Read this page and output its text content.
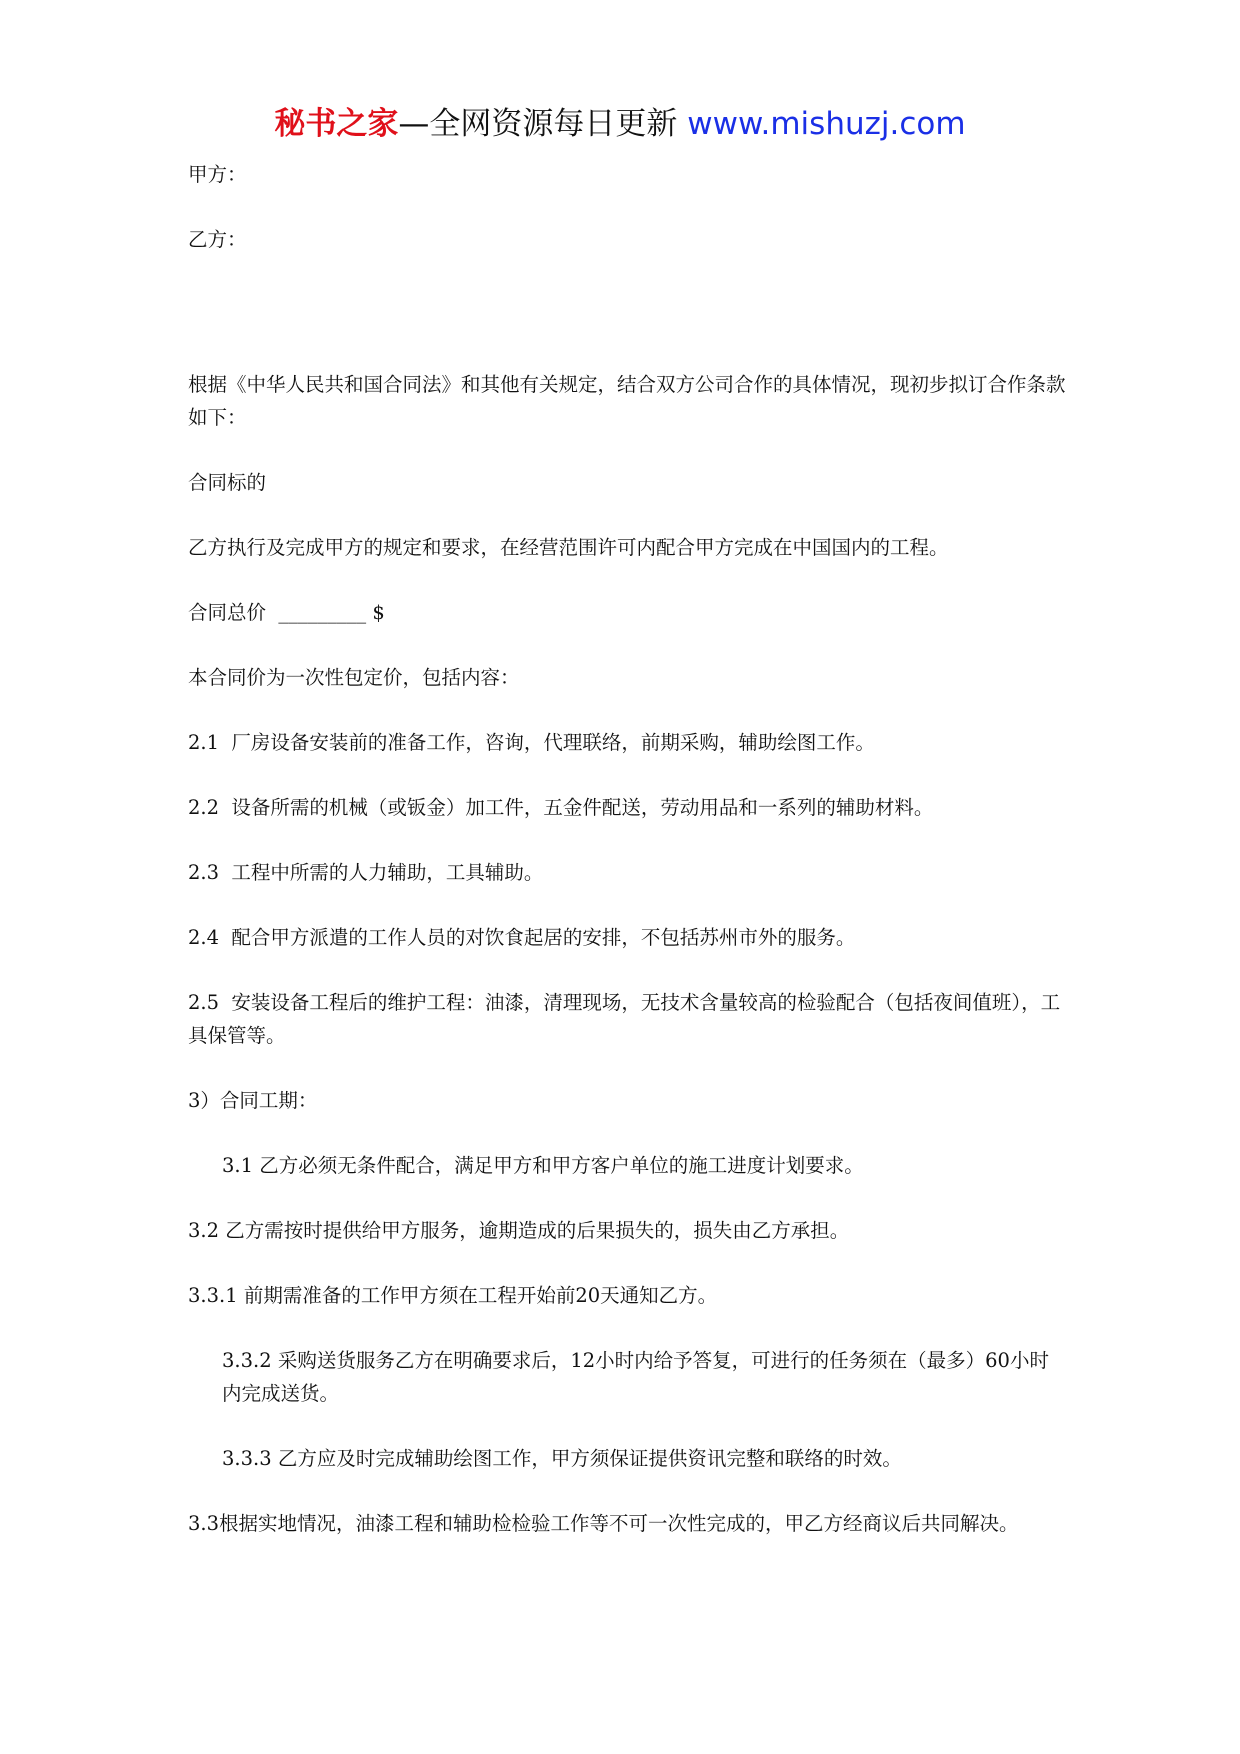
秘书之家—全网资源每日更新 www.mishuzj.com

甲方：

乙方：

根据《中华人民共和国合同法》和其他有关规定，结合双方公司合作的具体情况，现初步拟订合作条款如下：

合同标的

乙方执行及完成甲方的规定和要求，在经营范围许可内配合甲方完成在中国国内的工程。

合同总价  _________ $

本合同价为一次性包定价，包括内容：

2.1  厂房设备安装前的准备工作，咨询，代理联络，前期采购，辅助绘图工作。

2.2  设备所需的机械（或钣金）加工件，五金件配送，劳动用品和一系列的辅助材料。

2.3  工程中所需的人力辅助，工具辅助。

2.4  配合甲方派遣的工作人员的对饮食起居的安排，不包括苏州市外的服务。

2.5  安装设备工程后的维护工程：油漆，清理现场，无技术含量较高的检验配合（包括夜间值班），工具保管等。

3）合同工期：

3.1 乙方必须无条件配合，满足甲方和甲方客户单位的施工进度计划要求。

3.2 乙方需按时提供给甲方服务，逾期造成的后果损失的，损失由乙方承担。

3.3.1 前期需准备的工作甲方须在工程开始前20天通知乙方。

3.3.2 采购送货服务乙方在明确要求后，12小时内给予答复，可进行的任务须在（最多）60小时内完成送货。

3.3.3 乙方应及时完成辅助绘图工作，甲方须保证提供资讯完整和联络的时效。

3.3根据实地情况，油漆工程和辅助检检验工作等不可一次性完成的，甲乙方经商议后共同解决。
